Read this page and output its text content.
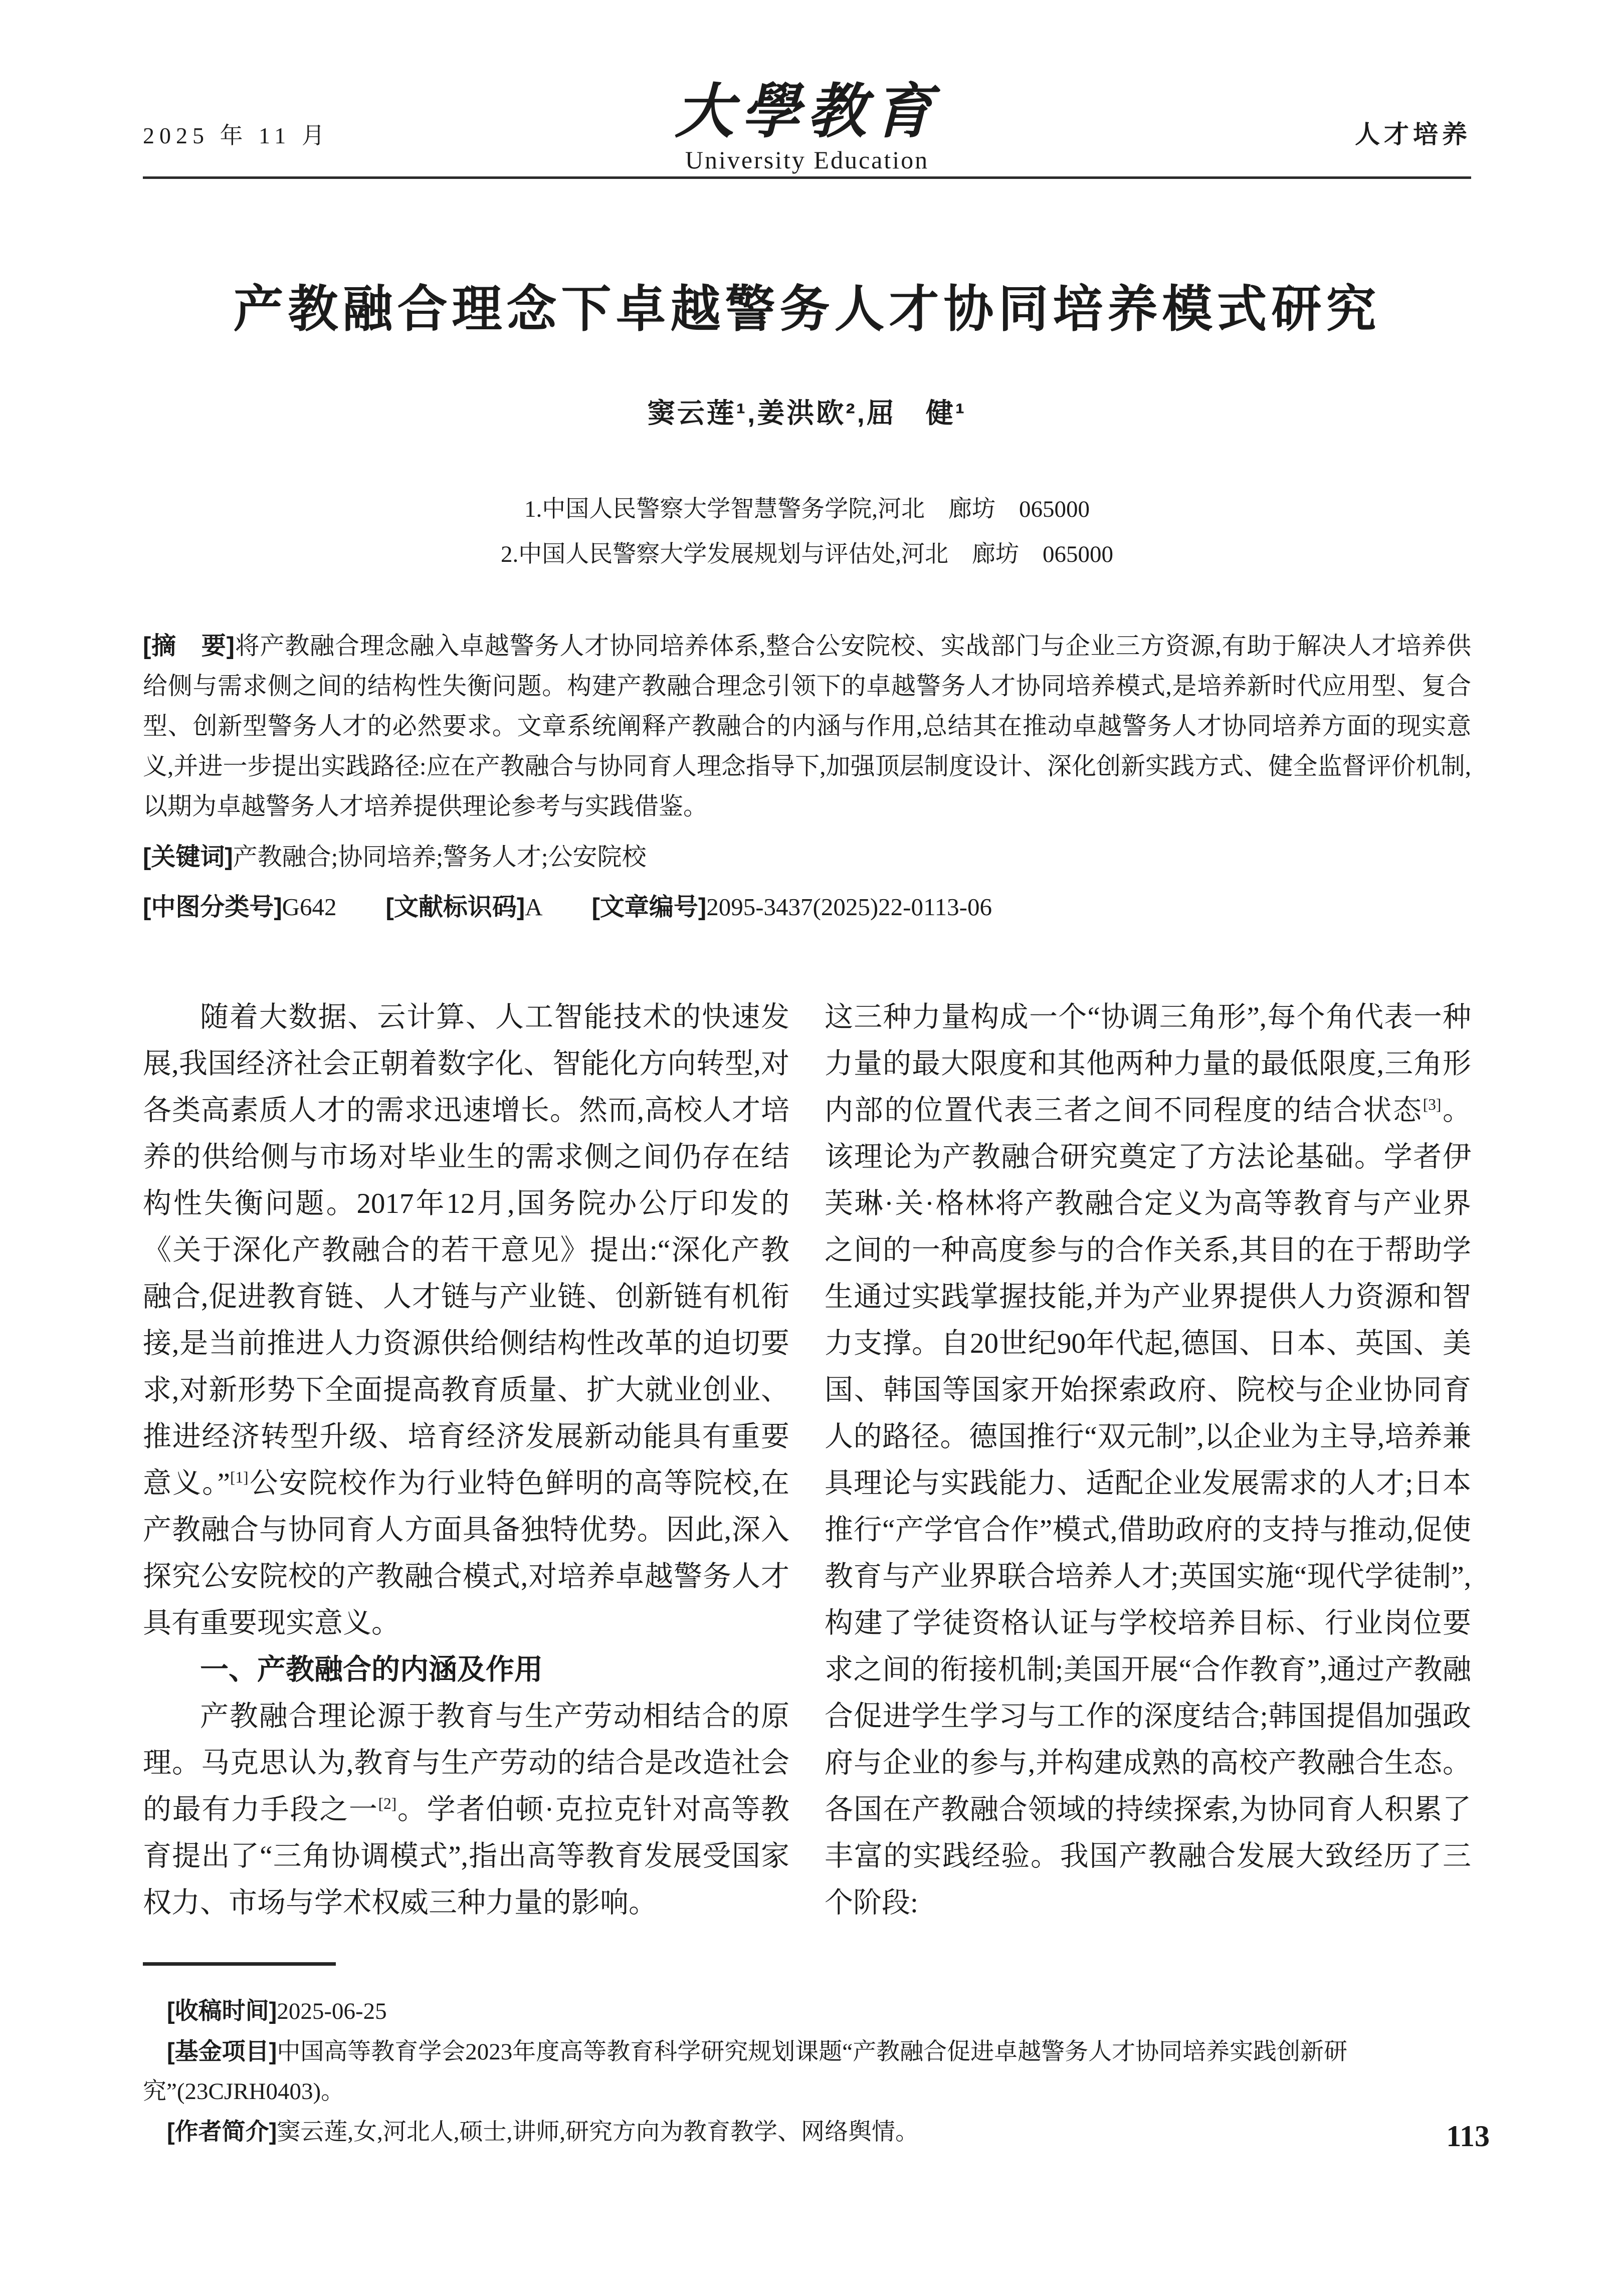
2025 年 11 月	大學教育
University Education
人才培养
产教融合理念下卓越警务人才协同培养模式研究
窦云莲¹,姜洪欧²,屈　健¹
1.中国人民警察大学智慧警务学院,河北　廊坊　065000
2.中国人民警察大学发展规划与评估处,河北　廊坊　065000
[摘　要]将产教融合理念融入卓越警务人才协同培养体系,整合公安院校、实战部门与企业三方资源,有助于解决人才培养供给侧与需求侧之间的结构性失衡问题。构建产教融合理念引领下的卓越警务人才协同培养模式,是培养新时代应用型、复合型、创新型警务人才的必然要求。文章系统阐释产教融合的内涵与作用,总结其在推动卓越警务人才协同培养方面的现实意义,并进一步提出实践路径:应在产教融合与协同育人理念指导下,加强顶层制度设计、深化创新实践方式、健全监督评价机制,以期为卓越警务人才培养提供理论参考与实践借鉴。
[关键词]产教融合;协同培养;警务人才;公安院校
[中图分类号]G642 [文献标识码]A [文章编号]2095-3437(2025)22-0113-06

随着大数据、云计算、人工智能技术的快速发展,我国经济社会正朝着数字化、智能化方向转型,对各类高素质人才的需求迅速增长。然而,高校人才培养的供给侧与市场对毕业生的需求侧之间仍存在结构性失衡问题。2017年12月,国务院办公厅印发的《关于深化产教融合的若干意见》提出:“深化产教融合,促进教育链、人才链与产业链、创新链有机衔接,是当前推进人力资源供给侧结构性改革的迫切要求,对新形势下全面提高教育质量、扩大就业创业、推进经济转型升级、培育经济发展新动能具有重要意义。”[1]公安院校作为行业特色鲜明的高等院校,在产教融合与协同育人方面具备独特优势。因此,深入探究公安院校的产教融合模式,对培养卓越警务人才具有重要现实意义。

一、产教融合的内涵及作用

产教融合理论源于教育与生产劳动相结合的原理。马克思认为,教育与生产劳动的结合是改造社会的最有力手段之一[2]。学者伯顿·克拉克针对高等教育提出了“三角协调模式”,指出高等教育发展受国家权力、市场与学术权威三种力量的影响。

这三种力量构成一个“协调三角形”,每个角代表一种力量的最大限度和其他两种力量的最低限度,三角形内部的位置代表三者之间不同程度的结合状态[3]。该理论为产教融合研究奠定了方法论基础。学者伊芙琳·关·格林将产教融合定义为高等教育与产业界之间的一种高度参与的合作关系,其目的在于帮助学生通过实践掌握技能,并为产业界提供人力资源和智力支撑。自20世纪90年代起,德国、日本、英国、美国、韩国等国家开始探索政府、院校与企业协同育人的路径。德国推行“双元制”,以企业为主导,培养兼具理论与实践能力、适配企业发展需求的人才;日本推行“产学官合作”模式,借助政府的支持与推动,促使教育与产业界联合培养人才;英国实施“现代学徒制”,构建了学徒资格认证与学校培养目标、行业岗位要求之间的衔接机制;美国开展“合作教育”,通过产教融合促进学生学习与工作的深度结合;韩国提倡加强政府与企业的参与,并构建成熟的高校产教融合生态。各国在产教融合领域的持续探索,为协同育人积累了丰富的实践经验。我国产教融合发展大致经历了三个阶段:

[收稿时间]2025-06-25

[基金项目]中国高等教育学会2023年度高等教育科学研究规划课题“产教融合促进卓越警务人才协同培养实践创新研究”(23CJRH0403)。

[作者简介]窦云莲,女,河北人,硕士,讲师,研究方向为教育教学、网络舆情。	113
